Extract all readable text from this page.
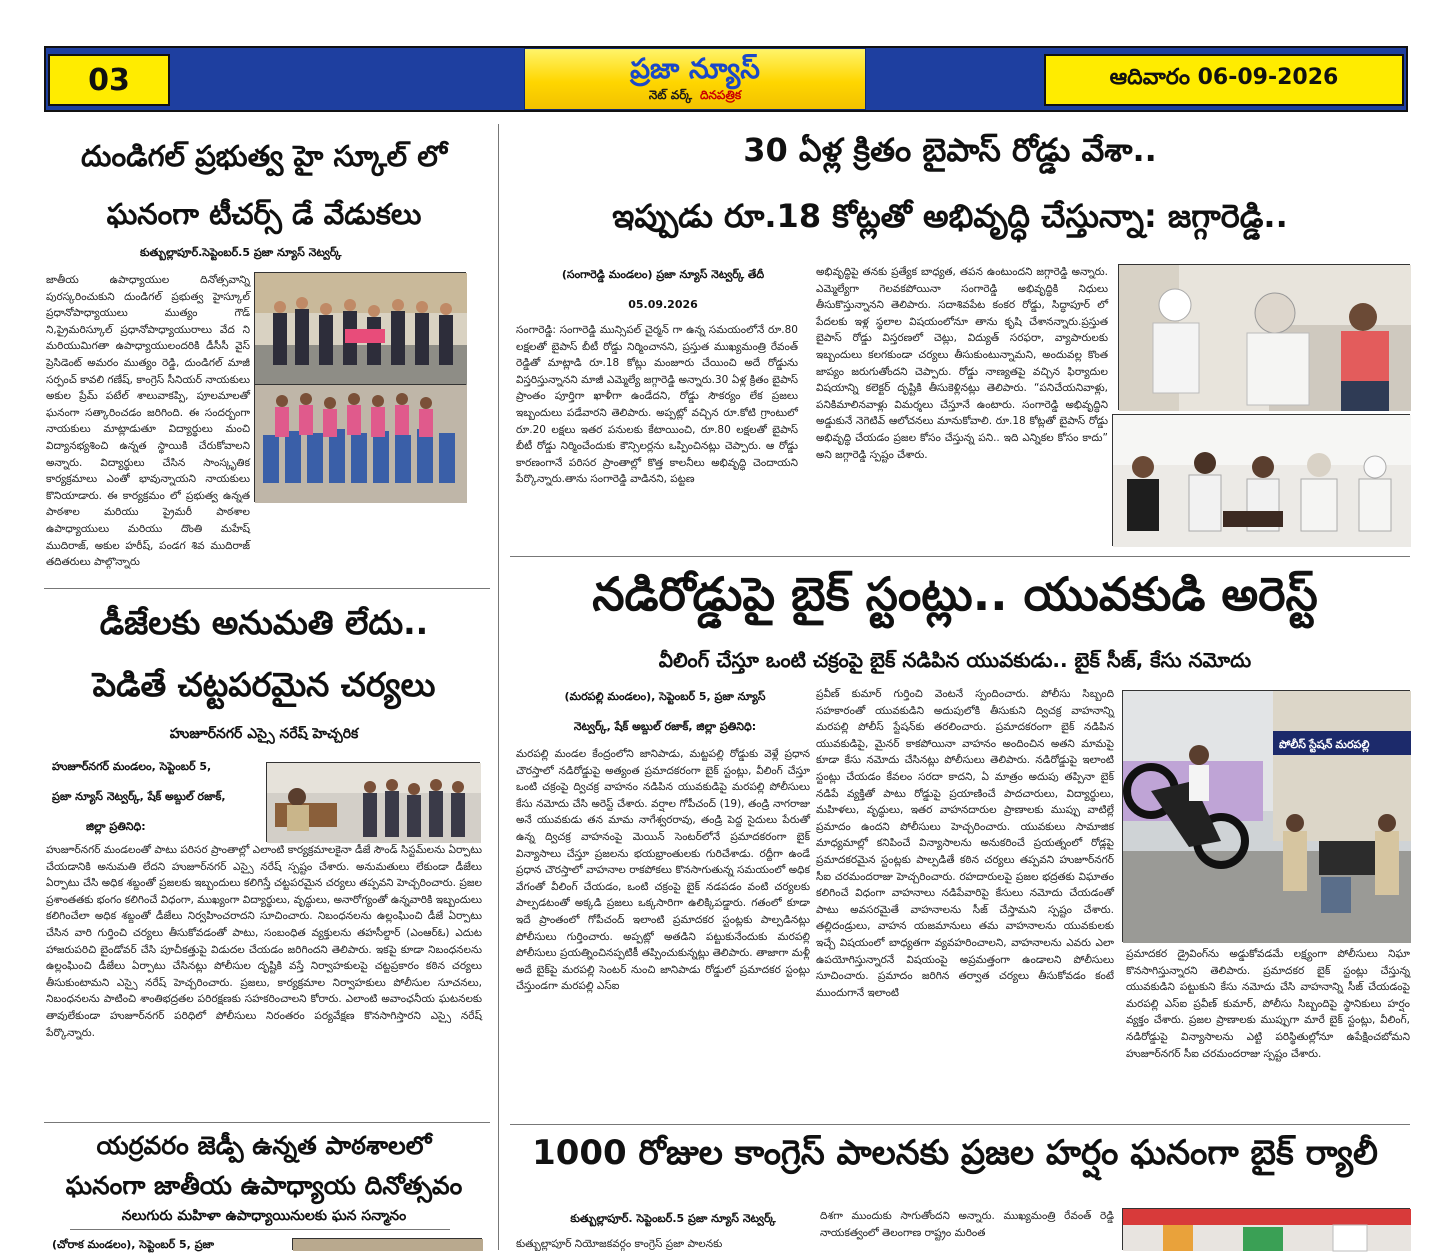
03	ప్రజా న్యూస్
నెట్ వర్క్ దినపత్రిక
ఆదివారం 06-09-2026
దుండిగల్ ప్రభుత్వ హై స్కూల్ లో
ఘనంగా టీచర్స్ డే వేడుకలు
కుత్బుల్లాపూర్.సెప్టెంబర్.5 ప్రజా న్యూస్ నెట్వర్క్
జాతీయ ఉపాధ్యాయుల దినోత్సవాన్ని పురస్కరించుకుని దుండిగల్ ప్రభుత్వ హైస్కూల్ ప్రధానోపాధ్యాయులు ముత్యం గౌడ్ ని,ప్రైమరిస్కూల్ ప్రధానోపాధ్యాయురాలు వేద ని మరియుమిగతా ఉపాధ్యాయులందరికి డీసీసీ వైస్ ప్రెసిడెంట్ అమరం ముత్యం రెడ్డి, దుండిగల్ మాజీ సర్పంచ్ కావలి గణేష్, కాంగ్రెస్ సీనియర్ నాయకులు అకుల ప్రేమ్ పటేల్ శాలువాకప్పి, పూలమాలతో ఘనంగా సత్కారించడం జరిగింది. ఈ సందర్బంగా నాయకులు మాట్లాడుతూ విద్యార్థులు మంచి విద్యానభ్యశించి ఉన్నత స్థాయికి చేరుకోవాలని అన్నారు. విద్యార్థులు చేసిన సాంస్కృతిక కార్యక్రమాలు ఎంతో భావున్నాయని నాయకులు కొనియాడారు. ఈ కార్యక్రమం లో ప్రభుత్వ ఉన్నత పాఠశాల మరియు ప్రైమరీ పాఠశాల ఉపాధ్యాయులు మరియు దొంతి మహేష్ ముదిరాజ్, అకుల హరీష్, పండగ శివ ముదిరాజ్ తదితరులు పాల్గొన్నారు
30 ఏళ్ల క్రితం బైపాస్ రోడ్డు వేశా..
ఇప్పుడు రూ.18 కోట్లతో అభివృద్ధి చేస్తున్నా: జగ్గారెడ్డి..
(సంగారెడ్డి మండలం) ప్రజా న్యూస్ నెట్వర్క్ తేదీ
05.09.2026
సంగారెడ్డి: సంగారెడ్డి మున్సిపల్ చైర్మన్ గా ఉన్న సమయంలోనే రూ.80 లక్షలతో బైపాస్ బీటీ రోడ్డు నిర్మించానని, ప్రస్తుత ముఖ్యమంత్రి రేవంత్ రెడ్డితో మాట్లాడి రూ.18 కోట్లు మంజూరు చేయించి అదే రోడ్డును విస్తరిస్తున్నానని మాజీ ఎమ్మెల్యే జగ్గారెడ్డి అన్నారు.30 ఏళ్ల క్రితం బైపాస్ ప్రాంతం పూర్తిగా ఖాళీగా ఉండేదని, రోడ్డు సౌకర్యం లేక ప్రజలు ఇబ్బందులు పడేవారని తెలిపారు. అప్పట్లో వచ్చిన రూ.కోటి గ్రాంటులో రూ.20 లక్షలు ఇతర పనులకు కేటాయించి, రూ.80 లక్షలతో బైపాస్ బీటీ రోడ్డు నిర్మించేందుకు కౌన్సిలర్లను ఒప్పించినట్లు చెప్పారు. ఆ రోడ్డు కారణంగానే పరిసర ప్రాంతాల్లో కొత్త కాలనీలు అభివృద్ధి చెందాయని పేర్కొన్నారు.తాను సంగారెడ్డి వాడినని, పట్టణ
అభివృద్ధిపై తనకు ప్రత్యేక బాధ్యత, తపన ఉంటుందని జగ్గారెడ్డి అన్నారు. ఎమ్మెల్యేగా గెలవకపోయినా సంగారెడ్డి అభివృద్ధికి నిధులు తీసుకొస్తున్నానని తెలిపారు. సదాశివపేట కంకర రోడ్డు, సిద్ధాపూర్ లో పేదలకు ఇళ్ల స్థలాల విషయంలోనూ తాను కృషి చేశానన్నారు.ప్రస్తుత బైపాస్ రోడ్డు విస్తరణలో చెట్లు, విద్యుత్ సరఫరా, వ్యాపారులకు ఇబ్బందులు కలగకుండా చర్యలు తీసుకుంటున్నామని, అందువల్ల కొంత జాప్యం జరుగుతోందని చెప్పారు. రోడ్డు నాణ్యతపై వచ్చిన ఫిర్యాదుల విషయాన్ని కలెక్టర్ దృష్టికి తీసుకెళ్లినట్లు తెలిపారు. “పనిచేయనివాళ్లు, పనికిమాలినవాళ్లు విమర్శలు చేస్తూనే ఉంటారు. సంగారెడ్డి అభివృద్ధిని అడ్డుకునే నెగెటివ్ ఆలోచనలు మానుకోవాలి. రూ.18 కోట్లతో బైపాస్ రోడ్డు అభివృద్ధి చేయడం ప్రజల కోసం చేస్తున్న పని.. ఇది ఎన్నికల కోసం కాదు” అని జగ్గారెడ్డి స్పష్టం చేశారు.
డీజేలకు అనుమతి లేదు..
పెడితే చట్టపరమైన చర్యలు
హుజూర్‌నగర్ ఎస్సై నరేష్ హెచ్చరిక
హుజూర్‌నగర్ మండలం, సెప్టెంబర్ 5,
ప్రజా న్యూస్ నెట్వర్క్, షేక్ అబ్దుల్ రజాక్,
జిల్లా ప్రతినిధి:
హుజూర్‌నగర్ మండలంతో పాటు పరిసర ప్రాంతాల్లో ఎలాంటి కార్యక్రమాలకైనా డీజే సౌండ్ సిస్టమ్‌లను ఏర్పాటు చేయడానికి అనుమతి లేదని హుజూర్‌నగర్ ఎస్సై నరేష్ స్పష్టం చేశారు. అనుమతులు లేకుండా డీజేలు ఏర్పాటు చేసి అధిక శబ్దంతో ప్రజలకు ఇబ్బందులు కలిగిస్తే చట్టపరమైన చర్యలు తప్పవని హెచ్చరించారు. ప్రజల ప్రశాంతతకు భంగం కలిగించే విధంగా, ముఖ్యంగా విద్యార్థులు, వృద్ధులు, అనారోగ్యంతో ఉన్నవారికి ఇబ్బందులు కలిగించేలా అధిక శబ్దంతో డీజేలు నిర్వహించరాదని సూచించారు. నిబంధనలను ఉల్లంఘించి డీజే ఏర్పాటు చేసిన వారి గుర్తించి చర్యలు తీసుకోవడంతో పాటు, సంబంధిత వ్యక్తులను తహసీల్దార్ (ఎంఆర్ఓ) ఎదుట హాజరుపరిచి బైండోవర్ చేసి పూచీకత్తుపై విడుదల చేయడం జరిగిందని తెలిపారు. ఇకపై కూడా నిబంధనలను ఉల్లంఘించి డీజేలు ఏర్పాటు చేసినట్లు పోలీసుల దృష్టికి వస్తే నిర్వాహకులపై చట్టప్రకారం కఠిన చర్యలు తీసుకుంటామని ఎస్సై నరేష్ హెచ్చరించారు. ప్రజలు, కార్యక్రమాల నిర్వాహకులు పోలీసుల సూచనలు, నిబంధనలను పాటించి శాంతిభద్రతల పరిరక్షణకు సహకరించాలని కోరారు. ఎలాంటి అవాంఛనీయ ఘటనలకు తావులేకుండా హుజూర్‌నగర్ పరిధిలో పోలీసులు నిరంతరం పర్యవేక్షణ కొనసాగిస్తారని ఎస్సై నరేష్ పేర్కొన్నారు.
నడిరోడ్డుపై బైక్ స్టంట్లు.. యువకుడి అరెస్ట్
వీలింగ్ చేస్తూ ఒంటి చక్రంపై బైక్ నడిపిన యువకుడు.. బైక్ సీజ్, కేసు నమోదు
(మరపల్లి మండలం), సెప్టెంబర్ 5, ప్రజా న్యూస్
నెట్వర్క్, షేక్ అబ్దుల్ రజాక్, జిల్లా ప్రతినిధి:
మరపల్లి మండల కేంద్రంలోని జానిపాడు, మట్టపల్లి రోడ్డుకు వెళ్లే ప్రధాన చౌరస్తాలో నడిరోడ్డుపై అత్యంత ప్రమాదకరంగా బైక్ స్టంట్లు, వీలింగ్ చేస్తూ ఒంటి చక్రంపై ద్విచక్ర వాహనం నడిపిన యువకుడిపై మరపల్లి పోలీసులు కేసు నమోదు చేసి అరెస్ట్ చేశారు. వర్షాల గోపీచంద్ (19), తండ్రి నాగరాజు అనే యువకుడు తన మామ నాగేశ్వరరావు, తండ్రి పెద్ద సైదులు పేరుతో ఉన్న ద్విచక్ర వాహనంపై మెయిన్ సెంటర్‌లోనే ప్రమాదకరంగా బైక్ విన్యాసాలు చేస్తూ ప్రజలను భయభ్రాంతులకు గురిచేశాడు. రద్దీగా ఉండే ప్రధాన చౌరస్తాలో వాహనాల రాకపోకలు కొనసాగుతున్న సమయంలో అధిక వేగంతో వీలింగ్ చేయడం, ఒంటి చక్రంపై బైక్ నడపడం వంటి చర్యలకు పాల్పడటంతో అక్కడి ప్రజలు ఒక్కసారిగా ఉలిక్కిపడ్డారు. గతంలో కూడా ఇదే ప్రాంతంలో గోపీచంద్ ఇలాంటి ప్రమాదకర స్టంట్లకు పాల్పడినట్లు పోలీసులు గుర్తించారు. అప్పట్లో అతడిని పట్టుకునేందుకు మరపల్లి పోలీసులు ప్రయత్నించినప్పటికీ తప్పించుకున్నట్లు తెలిపారు. తాజాగా మళ్లీ అదే బైక్‌పై మరపల్లి సెంటర్ నుంచి జానిపాడు రోడ్డులో ప్రమాదకర స్టంట్లు చేస్తుండగా మరపల్లి ఎస్ఐ
ప్రవీణ్ కుమార్ గుర్తించి వెంటనే స్పందించారు. పోలీసు సిబ్బంది సహకారంతో యువకుడిని అదుపులోకి తీసుకుని ద్విచక్ర వాహనాన్ని మరపల్లి పోలీస్ స్టేషన్‌కు తరలించారు. ప్రమాదకరంగా బైక్ నడిపిన యువకుడిపై, మైనర్ కాకపోయినా వాహనం అందించిన అతని మామపై కూడా కేసు నమోదు చేసినట్లు పోలీసులు తెలిపారు. నడిరోడ్డుపై ఇలాంటి స్టంట్లు చేయడం కేవలం సరదా కాదని, ఏ మాత్రం అదుపు తప్పినా బైక్ నడిపే వ్యక్తితో పాటు రోడ్డుపై ప్రయాణించే పాదచారులు, విద్యార్థులు, మహిళలు, వృద్ధులు, ఇతర వాహనదారుల ప్రాణాలకు ముప్పు వాటిల్లే ప్రమాదం ఉందని పోలీసులు హెచ్చరించారు. యువకులు సామాజిక మాధ్యమాల్లో కనిపించే విన్యాసాలను అనుకరించే ప్రయత్నంలో రోడ్లపై ప్రమాదకరమైన స్టంట్లకు పాల్పడితే కఠిన చర్యలు తప్పవని హుజూర్‌నగర్ సీఐ చరమందరాజు హెచ్చరించారు. రహదారులపై ప్రజల భద్రతకు విఘాతం కలిగించే విధంగా వాహనాలు నడిపేవారిపై కేసులు నమోదు చేయడంతో పాటు అవసరమైతే వాహనాలను సీజ్ చేస్తామని స్పష్టం చేశారు. తల్లిదండ్రులు, వాహన యజమానులు తమ వాహనాలను యువకులకు ఇచ్చే విషయంలో బాధ్యతగా వ్యవహరించాలని, వాహనాలను ఎవరు ఎలా ఉపయోగిస్తున్నారనే విషయంపై అప్రమత్తంగా ఉండాలని పోలీసులు సూచించారు. ప్రమాదం జరిగిన తర్వాత చర్యలు తీసుకోవడం కంటే ముందుగానే ఇలాంటి
పోలీస్ స్టేషన్ మరపల్లి
ప్రమాదకర డ్రైవింగ్‌ను అడ్డుకోవడమే లక్ష్యంగా పోలీసులు నిఘా కొనసాగిస్తున్నారని తెలిపారు. ప్రమాదకర బైక్ స్టంట్లు చేస్తున్న యువకుడిని పట్టుకుని కేసు నమోదు చేసి వాహనాన్ని సీజ్ చేయడంపై మరపల్లి ఎస్ఐ ప్రవీణ్ కుమార్, పోలీసు సిబ్బందిపై స్థానికులు హర్షం వ్యక్తం చేశారు. ప్రజల ప్రాణాలకు ముప్పుగా మారే బైక్ స్టంట్లు, వీలింగ్, నడిరోడ్డుపై విన్యాసాలను ఎట్టి పరిస్థితుల్లోనూ ఉపేక్షించబోమని హుజూర్‌నగర్ సీఐ చరమందరాజు స్పష్టం చేశారు.
యర్రవరం జెడ్పీ ఉన్నత పాఠశాలలో
ఘనంగా జాతీయ ఉపాధ్యాయ దినోత్సవం
నలుగురు మహిళా ఉపాధ్యాయినులకు ఘన సన్మానం
(చోరాక మండలం), సెప్టెంబర్ 5, ప్రజా
1000 రోజుల కాంగ్రెస్ పాలనకు ప్రజల హర్షం ఘనంగా బైక్ ర్యాలీ
కుత్బుల్లాపూర్. సెప్టెంబర్.5 ప్రజా న్యూస్ నెట్వర్క్
కుత్బుల్లాపూర్ నియోజకవర్గం కాంగ్రెస్ ప్రజా పాలనకు
దిశగా ముందుకు సాగుతోందని అన్నారు. ముఖ్యమంత్రి రేవంత్ రెడ్డి నాయకత్వంలో తెలంగాణ రాష్ట్రం మరింత
